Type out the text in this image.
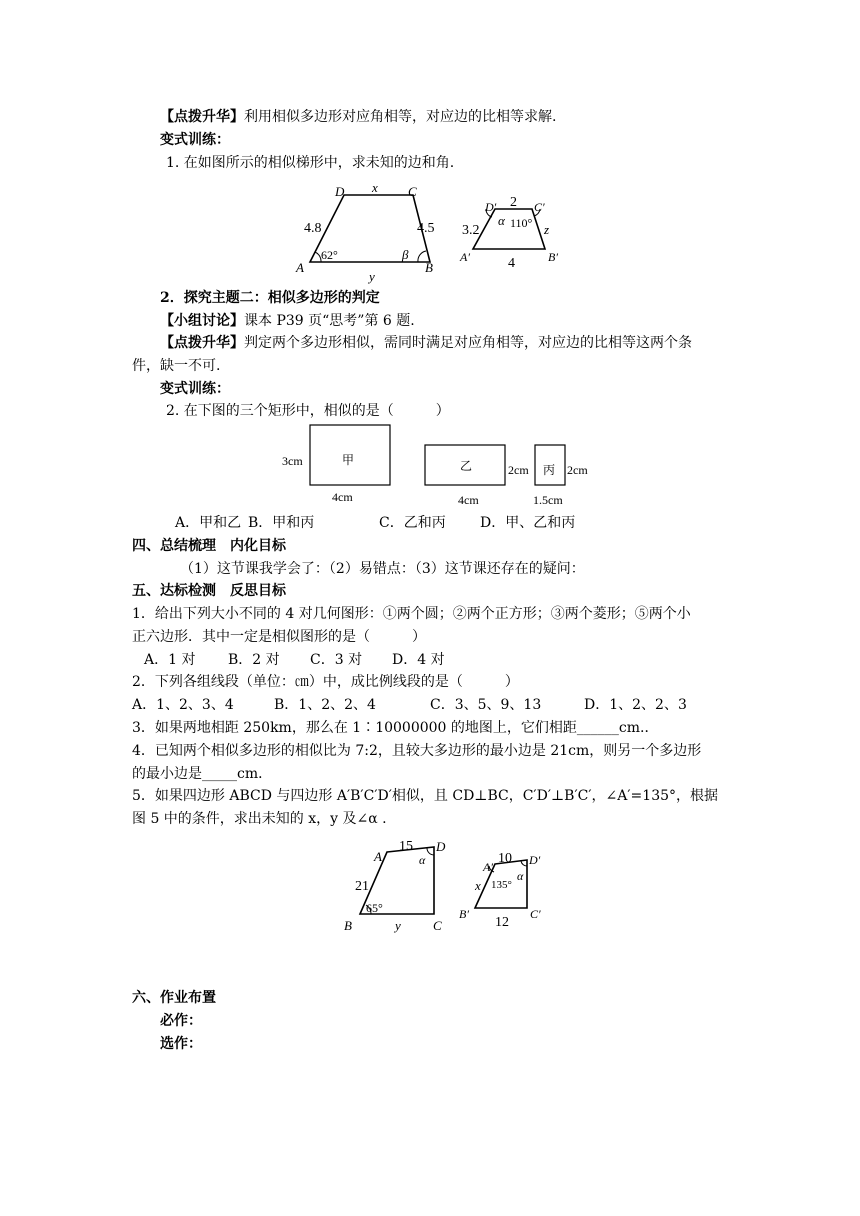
【点拨升华】利用相似多边形对应角相等，对应边的比相等求解.
变式训练：
1. 在如图所示的相似梯形中，求未知的边和角.
D	C
A	B
x
4.8	4.5
y
62°	β
D′	C′
A′	B′
2
3.2	z
4
α 110°
2．探究主题二：相似多边形的判定
【小组讨论】课本 P39 页“思考”第 6 题.
【点拨升华】判定两个多边形相似，需同时满足对应角相等，对应边的比相等这两个条
件，缺一不可.
变式训练：
2. 在下图的三个矩形中，相似的是（　　　）
甲
3cm
4cm
乙	2cm
4cm
丙 2cm
1.5cm
A．甲和乙 B．甲和丙	C．乙和丙 D．甲、乙和丙
四、总结梳理　内化目标
（1）这节课我学会了：（2）易错点：（3）这节课还存在的疑问：
五、达标检测　反思目标
1．给出下列大小不同的 4 对几何图形：①两个圆；②两个正方形；③两个菱形；⑤两个小
正六边形．其中一定是相似图形的是（　　　）
A．1 对 B．2 对 C．3 对 D．4 对
2．下列各组线段（单位：㎝）中，成比例线段的是（　　　）
A．1、2、3、4	B．1、2、2、4	C．3、5、9、13	D．1、2、2、3
3．如果两地相距 250km，那么在 1∶10000000 的地图上，它们相距______cm.．
4．已知两个相似多边形的相似比为 7:2，且较大多边形的最小边是 21cm，则另一个多边形
的最小边是_____cm．
5．如果四边形 ABCD 与四边形 A′B′C′D′相似，且 CD⊥BC，C′D′⊥B′C′，∠A′=135°，根据
图 5 中的条件，求出未知的 x，y 及∠α .
A
D
B	C
15
21
y
65°
α	A′	D′
B′	C′
10
x
12
135°
α
六、作业布置
必作：
选作：
